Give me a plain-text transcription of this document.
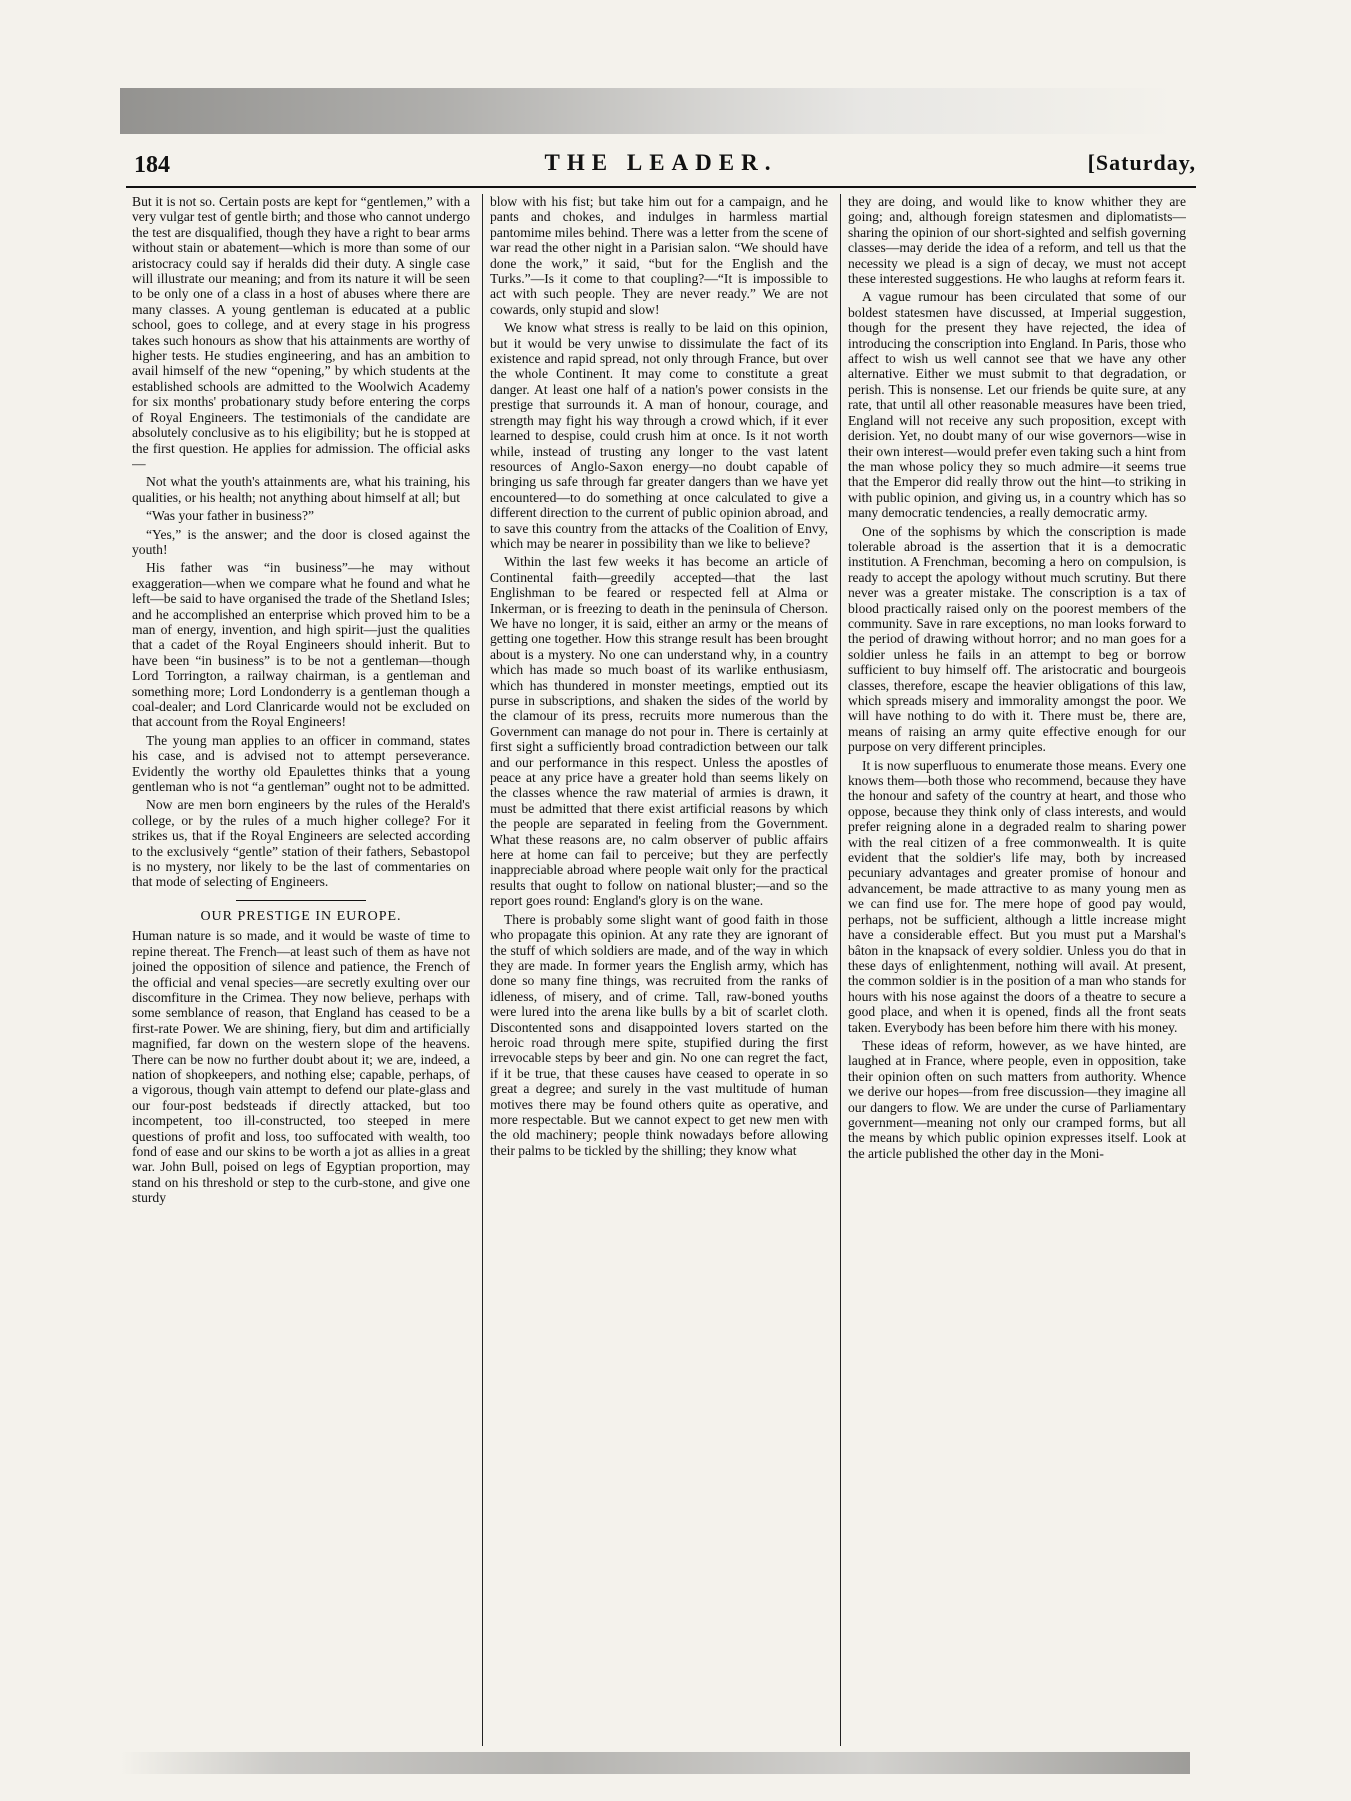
184	THE LEADER.	[Saturday,

But it is not so. Certain posts are kept for “gentlemen,” with a very vulgar test of gentle birth; and those who cannot undergo the test are disqualified, though they have a right to bear arms without stain or abatement—which is more than some of our aristocracy could say if heralds did their duty. A single case will illustrate our meaning; and from its nature it will be seen to be only one of a class in a host of abuses where there are many classes. A young gentleman is educated at a public school, goes to college, and at every stage in his progress takes such honours as show that his attainments are worthy of higher tests. He studies engineering, and has an ambition to avail himself of the new “opening,” by which students at the established schools are admitted to the Woolwich Academy for six months' probationary study before entering the corps of Royal Engineers. The testimonials of the candidate are absolutely conclusive as to his eligibility; but he is stopped at the first question. He applies for admission. The official asks—

Not what the youth's attainments are, what his training, his qualities, or his health; not anything about himself at all; but

“Was your father in business?”

“Yes,” is the answer; and the door is closed against the youth!

His father was “in business”—he may without exaggeration—when we compare what he found and what he left—be said to have organised the trade of the Shetland Isles; and he accomplished an enterprise which proved him to be a man of energy, invention, and high spirit—just the qualities that a cadet of the Royal Engineers should inherit. But to have been “in business” is to be not a gentleman—though Lord Torrington, a railway chairman, is a gentleman and something more; Lord Londonderry is a gentleman though a coal-dealer; and Lord Clanricarde would not be excluded on that account from the Royal Engineers!

The young man applies to an officer in command, states his case, and is advised not to attempt perseverance. Evidently the worthy old Epaulettes thinks that a young gentleman who is not “a gentleman” ought not to be admitted.

Now are men born engineers by the rules of the Herald's college, or by the rules of a much higher college? For it strikes us, that if the Royal Engineers are selected according to the exclusively “gentle” station of their fathers, Sebastopol is no mystery, nor likely to be the last of commentaries on that mode of selecting of Engineers.

OUR PRESTIGE IN EUROPE.

Human nature is so made, and it would be waste of time to repine thereat. The French—at least such of them as have not joined the opposition of silence and patience, the French of the official and venal species—are secretly exulting over our discomfiture in the Crimea. They now believe, perhaps with some semblance of reason, that England has ceased to be a first-rate Power. We are shining, fiery, but dim and artificially magnified, far down on the western slope of the heavens. There can be now no further doubt about it; we are, indeed, a nation of shopkeepers, and nothing else; capable, perhaps, of a vigorous, though vain attempt to defend our plate-glass and our four-post bedsteads if directly attacked, but too incompetent, too ill-constructed, too steeped in mere questions of profit and loss, too suffocated with wealth, too fond of ease and our skins to be worth a jot as allies in a great war. John Bull, poised on legs of Egyptian proportion, may stand on his threshold or step to the curb-stone, and give one sturdy

blow with his fist; but take him out for a campaign, and he pants and chokes, and indulges in harmless martial pantomime miles behind. There was a letter from the scene of war read the other night in a Parisian salon. “We should have done the work,” it said, “but for the English and the Turks.”—Is it come to that coupling?—“It is impossible to act with such people. They are never ready.” We are not cowards, only stupid and slow!

We know what stress is really to be laid on this opinion, but it would be very unwise to dissimulate the fact of its existence and rapid spread, not only through France, but over the whole Continent. It may come to constitute a great danger. At least one half of a nation's power consists in the prestige that surrounds it. A man of honour, courage, and strength may fight his way through a crowd which, if it ever learned to despise, could crush him at once. Is it not worth while, instead of trusting any longer to the vast latent resources of Anglo-Saxon energy—no doubt capable of bringing us safe through far greater dangers than we have yet encountered—to do something at once calculated to give a different direction to the current of public opinion abroad, and to save this country from the attacks of the Coalition of Envy, which may be nearer in possibility than we like to believe?

Within the last few weeks it has become an article of Continental faith—greedily accepted—that the last Englishman to be feared or respected fell at Alma or Inkerman, or is freezing to death in the peninsula of Cherson. We have no longer, it is said, either an army or the means of getting one together. How this strange result has been brought about is a mystery. No one can understand why, in a country which has made so much boast of its warlike enthusiasm, which has thundered in monster meetings, emptied out its purse in subscriptions, and shaken the sides of the world by the clamour of its press, recruits more numerous than the Government can manage do not pour in. There is certainly at first sight a sufficiently broad contradiction between our talk and our performance in this respect. Unless the apostles of peace at any price have a greater hold than seems likely on the classes whence the raw material of armies is drawn, it must be admitted that there exist artificial reasons by which the people are separated in feeling from the Government. What these reasons are, no calm observer of public affairs here at home can fail to perceive; but they are perfectly inappreciable abroad where people wait only for the practical results that ought to follow on national bluster;—and so the report goes round: England's glory is on the wane.

There is probably some slight want of good faith in those who propagate this opinion. At any rate they are ignorant of the stuff of which soldiers are made, and of the way in which they are made. In former years the English army, which has done so many fine things, was recruited from the ranks of idleness, of misery, and of crime. Tall, raw-boned youths were lured into the arena like bulls by a bit of scarlet cloth. Discontented sons and disappointed lovers started on the heroic road through mere spite, stupified during the first irrevocable steps by beer and gin. No one can regret the fact, if it be true, that these causes have ceased to operate in so great a degree; and surely in the vast multitude of human motives there may be found others quite as operative, and more respectable. But we cannot expect to get new men with the old machinery; people think nowadays before allowing their palms to be tickled by the shilling; they know what

they are doing, and would like to know whither they are going; and, although foreign statesmen and diplomatists—sharing the opinion of our short-sighted and selfish governing classes—may deride the idea of a reform, and tell us that the necessity we plead is a sign of decay, we must not accept these interested suggestions. He who laughs at reform fears it.

A vague rumour has been circulated that some of our boldest statesmen have discussed, at Imperial suggestion, though for the present they have rejected, the idea of introducing the conscription into England. In Paris, those who affect to wish us well cannot see that we have any other alternative. Either we must submit to that degradation, or perish. This is nonsense. Let our friends be quite sure, at any rate, that until all other reasonable measures have been tried, England will not receive any such proposition, except with derision. Yet, no doubt many of our wise governors—wise in their own interest—would prefer even taking such a hint from the man whose policy they so much admire—it seems true that the Emperor did really throw out the hint—to striking in with public opinion, and giving us, in a country which has so many democratic tendencies, a really democratic army.

One of the sophisms by which the conscription is made tolerable abroad is the assertion that it is a democratic institution. A Frenchman, becoming a hero on compulsion, is ready to accept the apology without much scrutiny. But there never was a greater mistake. The conscription is a tax of blood practically raised only on the poorest members of the community. Save in rare exceptions, no man looks forward to the period of drawing without horror; and no man goes for a soldier unless he fails in an attempt to beg or borrow sufficient to buy himself off. The aristocratic and bourgeois classes, therefore, escape the heavier obligations of this law, which spreads misery and immorality amongst the poor. We will have nothing to do with it. There must be, there are, means of raising an army quite effective enough for our purpose on very different principles.

It is now superfluous to enumerate those means. Every one knows them—both those who recommend, because they have the honour and safety of the country at heart, and those who oppose, because they think only of class interests, and would prefer reigning alone in a degraded realm to sharing power with the real citizen of a free commonwealth. It is quite evident that the soldier's life may, both by increased pecuniary advantages and greater promise of honour and advancement, be made attractive to as many young men as we can find use for. The mere hope of good pay would, perhaps, not be sufficient, although a little increase might have a considerable effect. But you must put a Marshal's bâton in the knapsack of every soldier. Unless you do that in these days of enlightenment, nothing will avail. At present, the common soldier is in the position of a man who stands for hours with his nose against the doors of a theatre to secure a good place, and when it is opened, finds all the front seats taken. Everybody has been before him there with his money.

These ideas of reform, however, as we have hinted, are laughed at in France, where people, even in opposition, take their opinion often on such matters from authority. Whence we derive our hopes—from free discussion—they imagine all our dangers to flow. We are under the curse of Parliamentary government—meaning not only our cramped forms, but all the means by which public opinion expresses itself. Look at the article published the other day in the Moni-
